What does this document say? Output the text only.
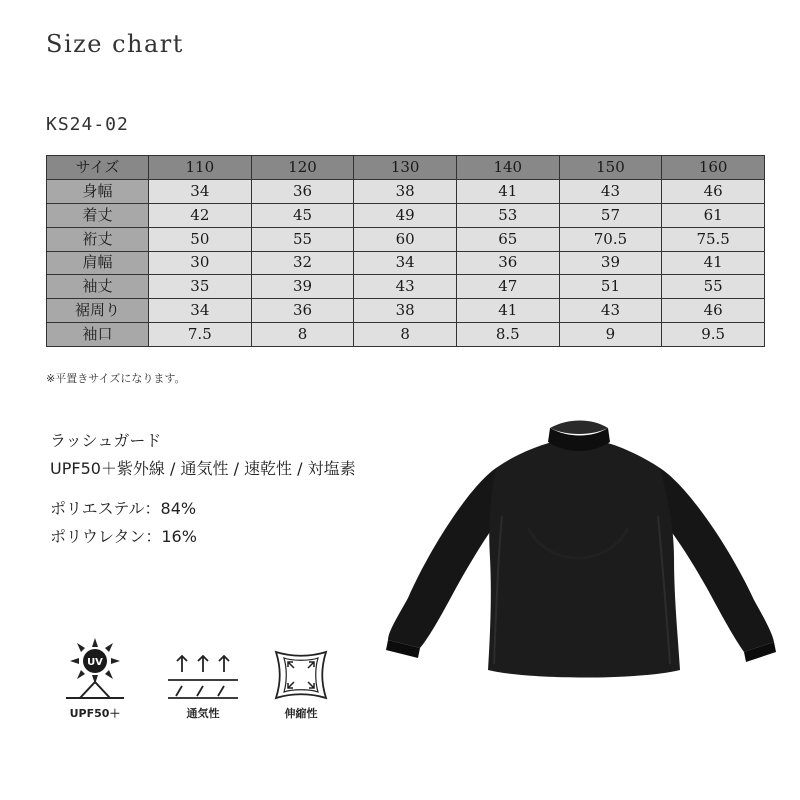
Size chart
KS24-02
サイズ	110	120	130	140	150	160
身幅	34	36	38	41	43	46
着丈	42	45	49	53	57	61
裄丈	50	55	60	65	70.5	75.5
肩幅	30	32	34	36	39	41
袖丈	35	39	43	47	51	55
裾周り	34	36	38	41	43	46
袖口	7.5	8	8	8.5	9	9.5
※平置きサイズになります。
ラッシュガード
UPF50＋紫外線 / 通気性 / 速乾性 / 対塩素
ポリエステル：84%
ポリウレタン：16%
UV
UPF50＋	通気性	伸縮性
